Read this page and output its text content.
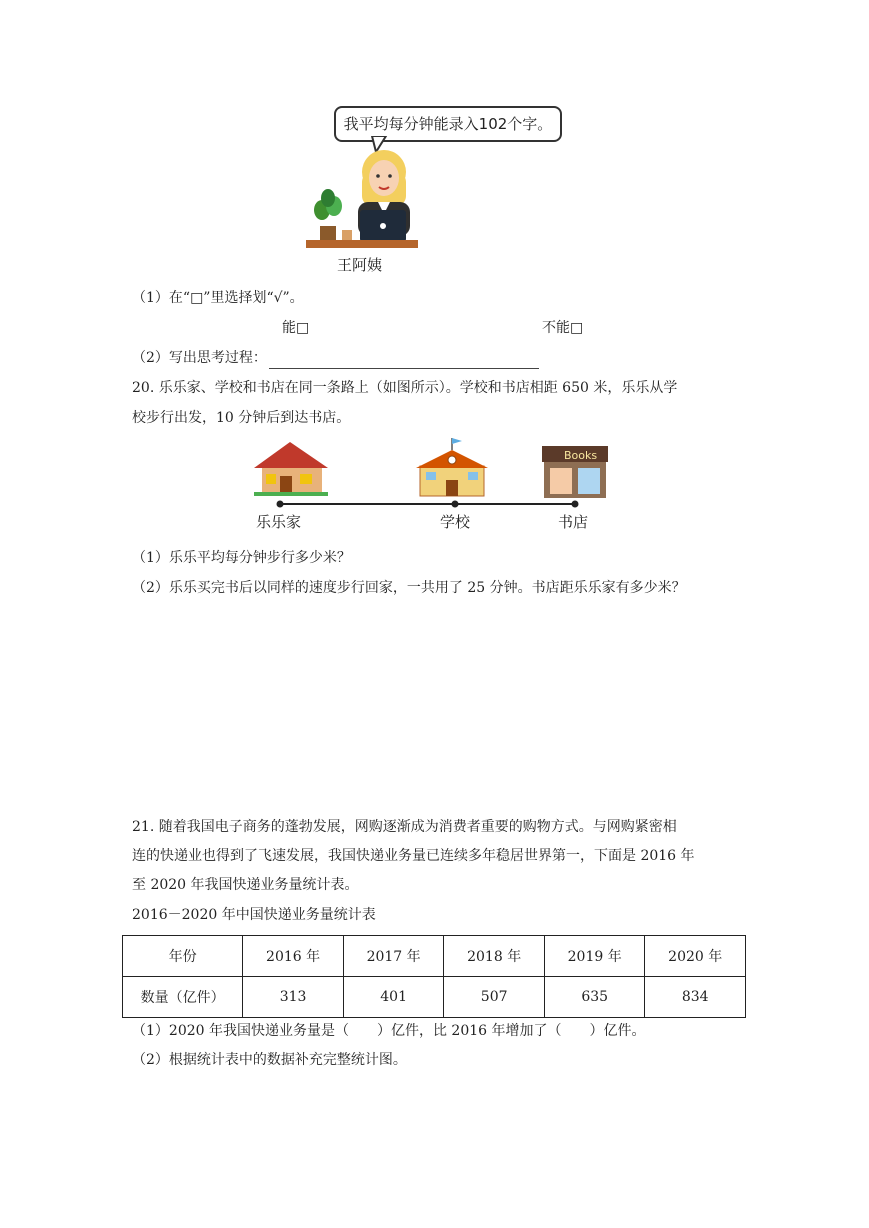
我平均每分钟能录入102个字。
王阿姨
（1）在“□”里选择划“√”。
能□	不能□
（2）写出思考过程：
20. 乐乐家、学校和书店在同一条路上（如图所示）。学校和书店相距 650 米，乐乐从学
校步行出发，10 分钟后到达书店。
Books
乐乐家	学校	书店
（1）乐乐平均每分钟步行多少米？
（2）乐乐买完书后以同样的速度步行回家，一共用了 25 分钟。书店距乐乐家有多少米？
21. 随着我国电子商务的蓬勃发展，网购逐渐成为消费者重要的购物方式。与网购紧密相
连的快递业也得到了飞速发展，我国快递业务量已连续多年稳居世界第一，下面是 2016 年
至 2020 年我国快递业务量统计表。
2016－2020 年中国快递业务量统计表
年份	2016 年	2017 年	2018 年	2019 年	2020 年
数量（亿件）	313	401	507	635	834
（1）2020 年我国快递业务量是（　　）亿件，比 2016 年增加了（　　）亿件。
（2）根据统计表中的数据补充完整统计图。
